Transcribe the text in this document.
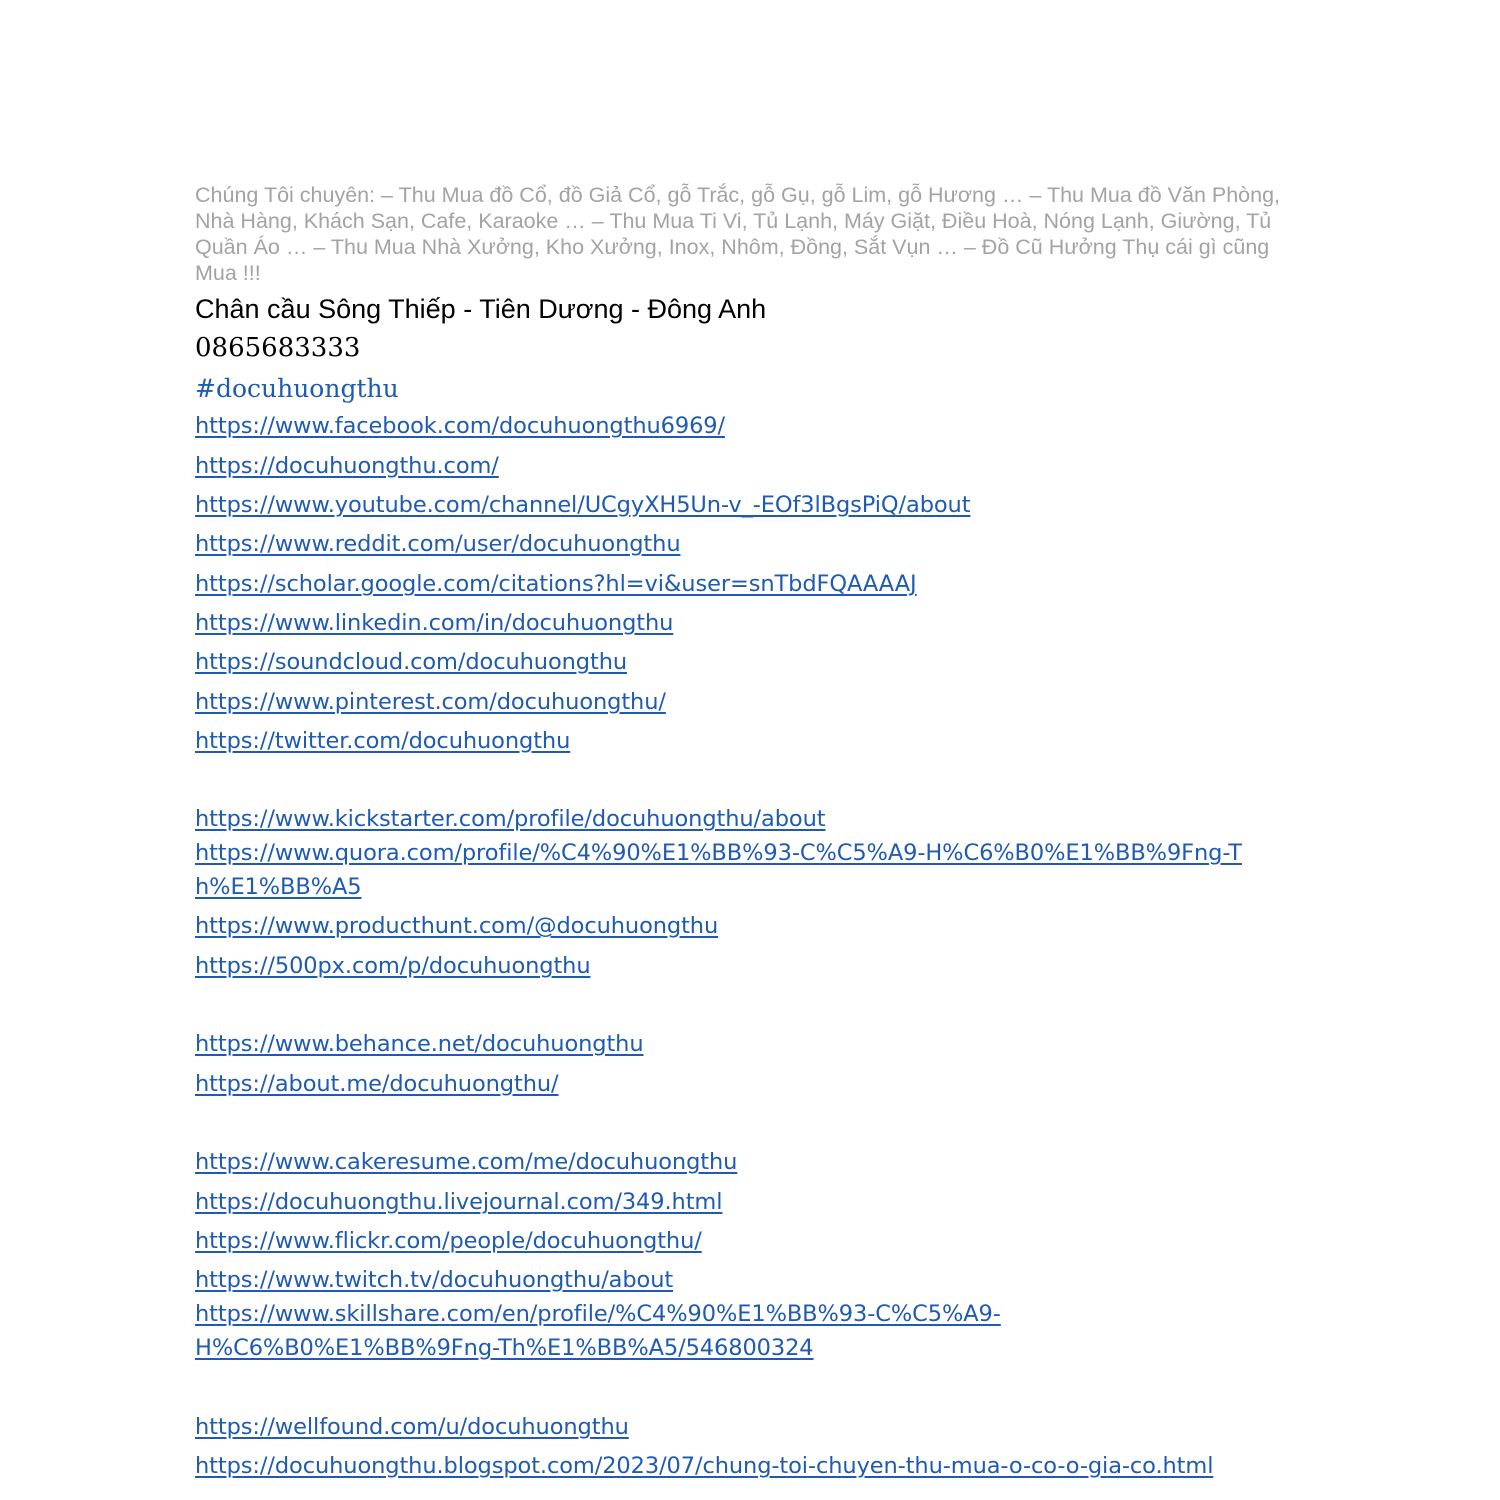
Chúng Tôi chuyên: – Thu Mua đồ Cổ, đồ Giả Cổ, gỗ Trắc, gỗ Gụ, gỗ Lim, gỗ Hương … – Thu Mua đồ Văn Phòng, Nhà Hàng, Khách Sạn, Cafe, Karaoke … – Thu Mua Ti Vi, Tủ Lạnh, Máy Giặt, Điều Hoà, Nóng Lạnh, Giường, Tủ Quần Áo … – Thu Mua Nhà Xưởng, Kho Xưởng, Inox, Nhôm, Đồng, Sắt Vụn … – Đồ Cũ Hưởng Thụ cái gì cũng Mua !!!

Chân cầu Sông Thiếp - Tiên Dương - Đông Anh

0865683333

#docuhuongthu

https://www.facebook.com/docuhuongthu6969/
https://docuhuongthu.com/
https://www.youtube.com/channel/UCgyXH5Un-v_-EOf3lBgsPiQ/about
https://www.reddit.com/user/docuhuongthu
https://scholar.google.com/citations?hl=vi&user=snTbdFQAAAAJ
https://www.linkedin.com/in/docuhuongthu
https://soundcloud.com/docuhuongthu
https://www.pinterest.com/docuhuongthu/
https://twitter.com/docuhuongthu
https://www.kickstarter.com/profile/docuhuongthu/about
https://www.quora.com/profile/%C4%90%E1%BB%93-C%C5%A9-H%C6%B0%E1%BB%9Fng-Th%E1%BB%A5
https://www.producthunt.com/@docuhuongthu
https://500px.com/p/docuhuongthu
https://www.behance.net/docuhuongthu
https://about.me/docuhuongthu/
https://www.cakeresume.com/me/docuhuongthu
https://docuhuongthu.livejournal.com/349.html
https://www.flickr.com/people/docuhuongthu/
https://www.twitch.tv/docuhuongthu/about
https://www.skillshare.com/en/profile/%C4%90%E1%BB%93-C%C5%A9-H%C6%B0%E1%BB%9Fng-Th%E1%BB%A5/546800324
https://wellfound.com/u/docuhuongthu
https://docuhuongthu.blogspot.com/2023/07/chung-toi-chuyen-thu-mua-o-co-o-gia-co.html
